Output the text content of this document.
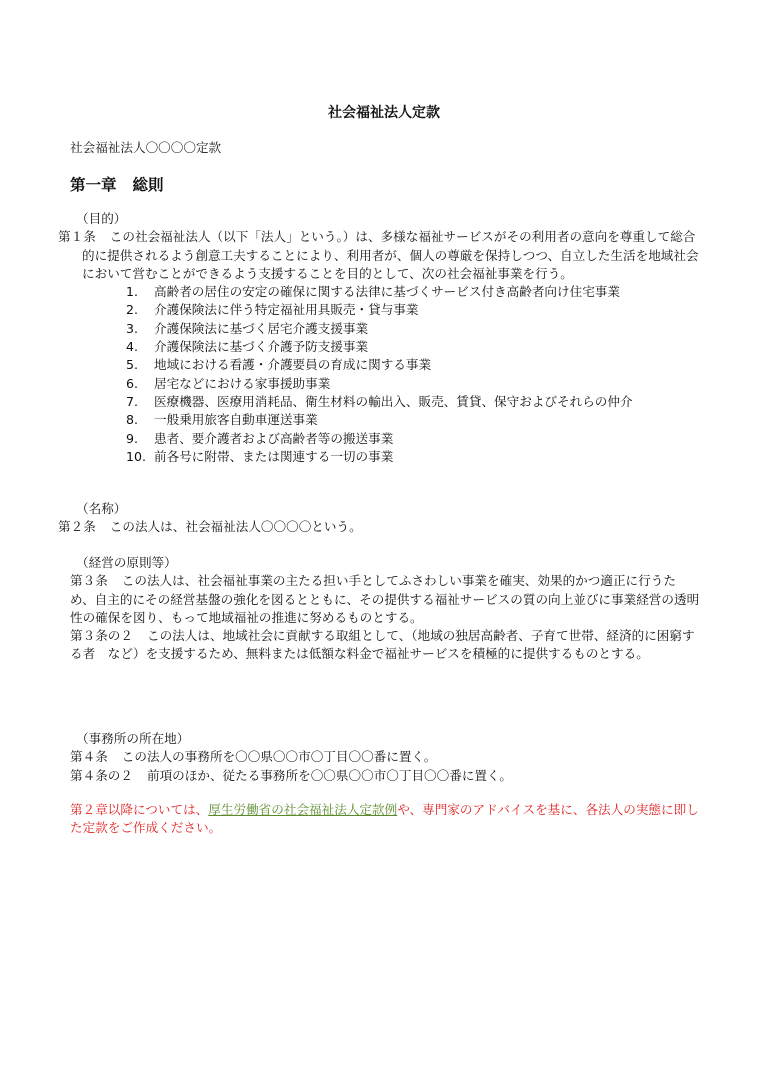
社会福祉法人定款
社会福祉法人〇〇〇〇定款
第一章 総則
（目的）
第１条 この社会福祉法人（以下「法人」という。）は、多様な福祉サービスがその利用者の意向を尊重して総合的に提供されるよう創意工夫することにより、利用者が、個人の尊厳を保持しつつ、自立した生活を地域社会において営むことができるよう支援することを目的として、次の社会福祉事業を行う。
1.	高齢者の居住の安定の確保に関する法律に基づくサービス付き高齢者向け住宅事業
2.	介護保険法に伴う特定福祉用具販売・貸与事業
3.	介護保険法に基づく居宅介護支援事業
4.	介護保険法に基づく介護予防支援事業
5.	地域における看護・介護要員の育成に関する事業
6.	居宅などにおける家事援助事業
7.	医療機器、医療用消耗品、衛生材料の輸出入、販売、賃貸、保守およびそれらの仲介
8.	一般乗用旅客自動車運送事業
9.	患者、要介護者および高齢者等の搬送事業
10. 前各号に附帯、または関連する一切の事業
（名称）
第２条 この法人は、社会福祉法人〇〇〇〇という。
（経営の原則等）
第３条 この法人は、社会福祉事業の主たる担い手としてふさわしい事業を確実、効果的かつ適正に行うため、自主的にその経営基盤の強化を図るとともに、その提供する福祉サービスの質の向上並びに事業経営の透明性の確保を図り、もって地域福祉の推進に努めるものとする。
第３条の２ この法人は、地域社会に貢献する取組として、（地域の独居高齢者、子育て世帯、経済的に困窮する者　など）を支援するため、無料または低額な料金で福祉サービスを積極的に提供するものとする。
（事務所の所在地）
第４条 この法人の事務所を〇〇県〇〇市〇丁目〇〇番に置く。
第４条の２ 前項のほか、従たる事務所を〇〇県〇〇市〇丁目〇〇番に置く。
第２章以降については、厚生労働省の社会福祉法人定款例や、専門家のアドバイスを基に、各法人の実態に即した定款をご作成ください。
